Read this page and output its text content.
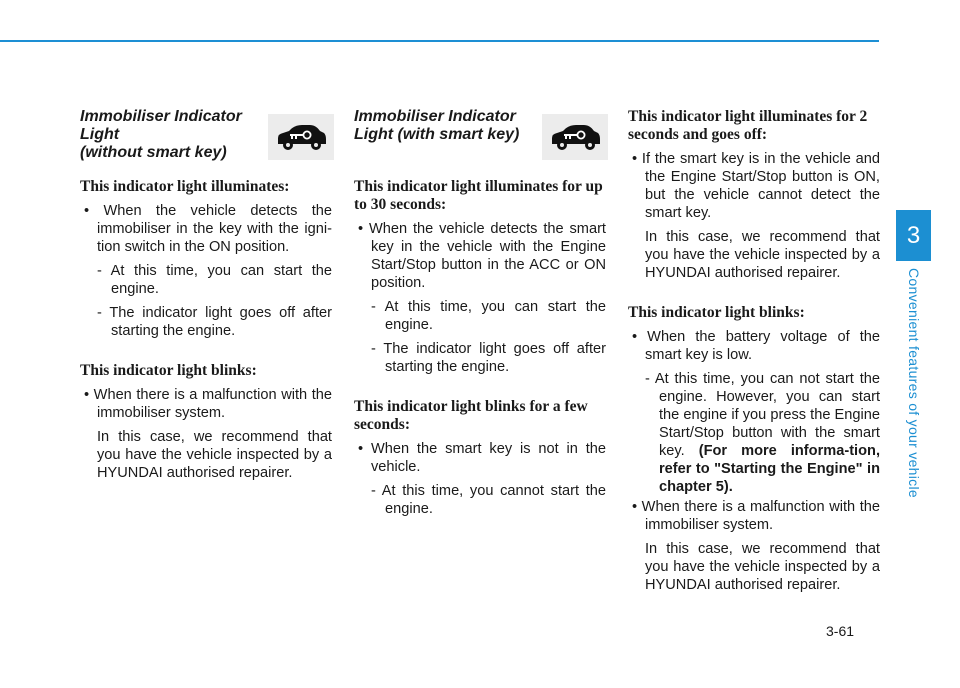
Immobiliser Indicator
Light
(without smart key)

This indicator light illuminates:

• When the vehicle detects the immobiliser in the key with the igni-tion switch in the ON position.

- At this time, you can start the engine.

- The indicator light goes off after starting the engine.

This indicator light blinks:

• When there is a malfunction with the immobiliser system.

In this case, we recommend that you have the vehicle inspected by a HYUNDAI authorised repairer.

Immobiliser Indicator
Light (with smart key)

This indicator light illuminates for up to 30 seconds:

• When the vehicle detects the smart key in the vehicle with the Engine Start/Stop button in the ACC or ON position.

- At this time, you can start the engine.

- The indicator light goes off after starting the engine.

This indicator light blinks for a few seconds:

• When the smart key is not in the vehicle.

- At this time, you cannot start the engine.

This indicator light illuminates for 2 seconds and goes off:

• If the smart key is in the vehicle and the Engine Start/Stop button is ON, but the vehicle cannot detect the smart key.

In this case, we recommend that you have the vehicle inspected by a HYUNDAI authorised repairer.

This indicator light blinks:

• When the battery voltage of the smart key is low.

- At this time, you can not start the engine. However, you can start the engine if you press the Engine Start/Stop button with the smart key. (For more informa-tion, refer to "Starting the Engine" in chapter 5).

• When there is a malfunction with the immobiliser system.

In this case, we recommend that you have the vehicle inspected by a HYUNDAI authorised repairer.

3
Convenient features of your vehicle
3-61
